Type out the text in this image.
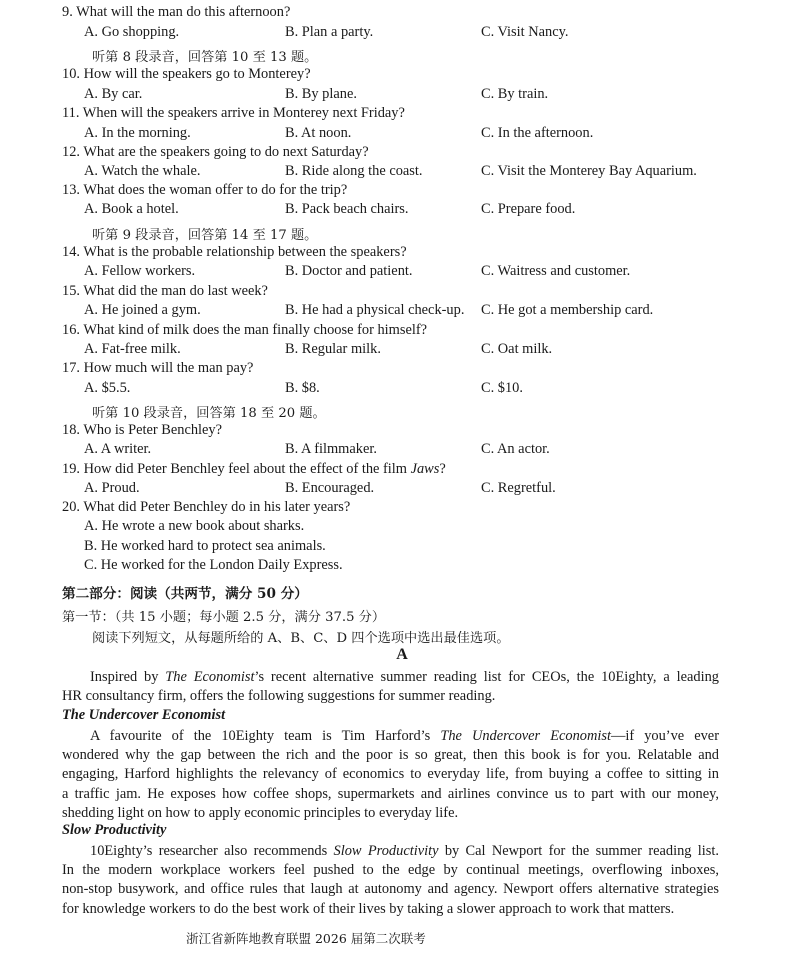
9. What will the man do this afternoon?
A. Go shopping.	B. Plan a party.	C. Visit Nancy.
听第 8 段录音，回答第 10 至 13 题。
10. How will the speakers go to Monterey?
A. By car.	B. By plane.	C. By train.
11. When will the speakers arrive in Monterey next Friday?
A. In the morning.	B. At noon.	C. In the afternoon.
12. What are the speakers going to do next Saturday?
A. Watch the whale.	B. Ride along the coast.	C. Visit the Monterey Bay Aquarium.
13. What does the woman offer to do for the trip?
A. Book a hotel.	B. Pack beach chairs.	C. Prepare food.
听第 9 段录音，回答第 14 至 17 题。
14. What is the probable relationship between the speakers?
A. Fellow workers.	B. Doctor and patient.	C. Waitress and customer.
15. What did the man do last week?
A. He joined a gym.	B. He had a physical check-up. C. He got a membership card.
16. What kind of milk does the man finally choose for himself?
A. Fat-free milk.	B. Regular milk.	C. Oat milk.
17. How much will the man pay?
A. $5.5.	B. $8.	C. $10.
听第 10 段录音，回答第 18 至 20 题。
18. Who is Peter Benchley?
A. A writer.	B. A filmmaker.	C. An actor.
19. How did Peter Benchley feel about the effect of the film Jaws?
A. Proud.	B. Encouraged.	C. Regretful.
20. What did Peter Benchley do in his later years?
A. He wrote a new book about sharks.
B. He worked hard to protect sea animals.
C. He worked for the London Daily Express.
第二部分：阅读（共两节，满分 50 分）
第一节：（共 15 小题；每小题 2.5 分，满分 37.5 分）
阅读下列短文，从每题所给的 A、B、C、D 四个选项中选出最佳选项。
A
Inspired by The Economist’s recent alternative summer reading list for CEOs, the 10Eighty, a leading
HR consultancy firm, offers the following suggestions for summer reading.
The Undercover Economist
A favourite of the 10Eighty team is Tim Harford’s The Undercover Economist—if you’ve ever
wondered why the gap between the rich and the poor is so great, then this book is for you. Relatable and
engaging, Harford highlights the relevancy of economics to everyday life, from buying a coffee to sitting in
a traffic jam. He exposes how coffee shops, supermarkets and airlines convince us to part with our money,
shedding light on how to apply economic principles to everyday life.
Slow Productivity
10Eighty’s researcher also recommends Slow Productivity by Cal Newport for the summer reading list.
In the modern workplace workers feel pushed to the edge by continual meetings, overflowing inboxes,
non-stop busywork, and office rules that laugh at autonomy and agency. Newport offers alternative strategies
for knowledge workers to do the best work of their lives by taking a slower approach to work that matters.
浙江省新阵地教育联盟 2026 届第二次联考
